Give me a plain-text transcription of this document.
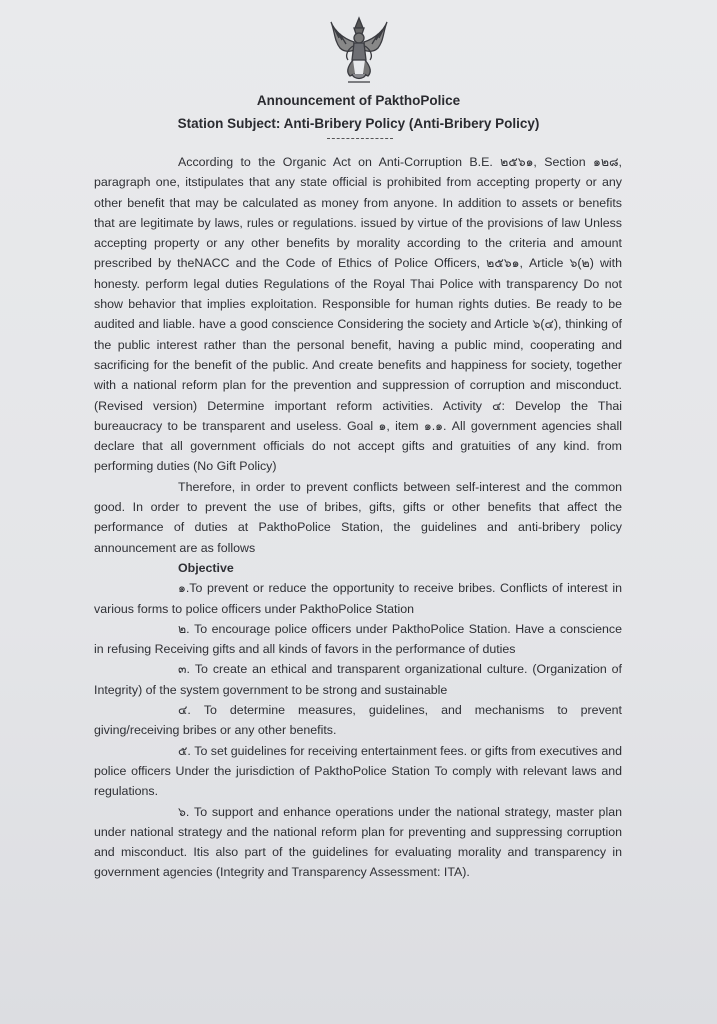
Announcement of PakthoPolice
Station Subject: Anti-Bribery Policy (Anti-Bribery Policy)

According to the Organic Act on Anti-Corruption B.E. ๒๕๖๑, Section ๑๒๘, paragraph one, itstipulates that any state official is prohibited from accepting property or any other benefit that may be calculated as money from anyone. In addition to assets or benefits that are legitimate by laws, rules or regulations. issued by virtue of the provisions of law Unless accepting property or any other benefits by morality according to the criteria and amount prescribed by theNACC and the Code of Ethics of Police Officers, ๒๕๖๑, Article ๖(๒) with honesty. perform legal duties Regulations of the Royal Thai Police with transparency Do not show behavior that implies exploitation. Responsible for human rights duties. Be ready to be audited and liable. have a good conscience Considering the society and Article ๖(๔), thinking of the public interest rather than the personal benefit, having a public mind, cooperating and sacrificing for the benefit of the public. And create benefits and happiness for society, together with a national reform plan for the prevention and suppression of corruption and misconduct. (Revised version) Determine important reform activities. Activity ๔: Develop the Thai bureaucracy to be transparent and useless. Goal ๑, item ๑.๑. All government agencies shall declare that all government officials do not accept gifts and gratuities of any kind. from performing duties (No Gift Policy)

Therefore, in order to prevent conflicts between self-interest and the common good. In order to prevent the use of bribes, gifts, gifts or other benefits that affect the performance of duties at PakthoPolice Station, the guidelines and anti-bribery policy announcement are as follows

Objective

๑.To prevent or reduce the opportunity to receive bribes. Conflicts of interest in various forms to police officers under PakthoPolice Station

๒. To encourage police officers under PakthoPolice Station. Have a conscience in refusing Receiving gifts and all kinds of favors in the performance of duties

๓. To create an ethical and transparent organizational culture. (Organization of Integrity) of the system government to be strong and sustainable

๔. To determine measures, guidelines, and mechanisms to prevent giving/receiving bribes or any other benefits.

๕. To set guidelines for receiving entertainment fees. or gifts from executives and police officers Under the jurisdiction of PakthoPolice Station To comply with relevant laws and regulations.

๖. To support and enhance operations under the national strategy, master plan under national strategy and the national reform plan for preventing and suppressing corruption and misconduct. Itis also part of the guidelines for evaluating morality and transparency in government agencies (Integrity and Transparency Assessment: ITA).
